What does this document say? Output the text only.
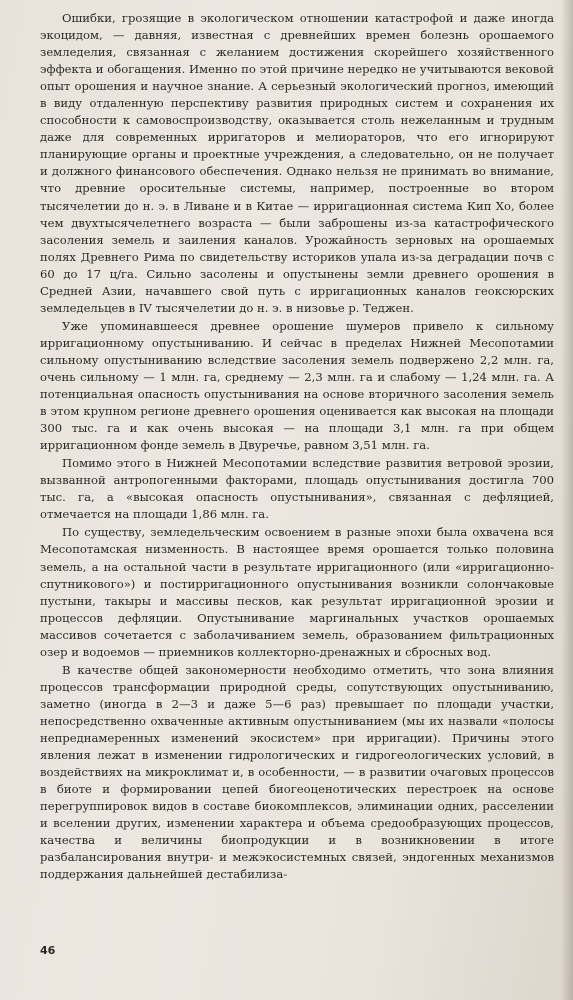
Ошибки, грозящие в экологическом отношении катастрофой и даже иногда экоцидом, — давняя, известная с древнейших времен болезнь орошаемого земледелия, связанная с желанием достижения скорейшего хозяйственного эффекта и обогащения. Именно по этой причине нередко не учитываются вековой опыт орошения и научное знание. А серьезный экологический прогноз, имеющий в виду отдаленную перспективу развития природных систем и сохранения их способности к самовоспроизводству, оказывается столь нежеланным и трудным даже для современных ирригаторов и мелиораторов, что его игнорируют планирующие органы и проектные учреждения, а следовательно, он не получает и должного финансового обеспечения. Однако нельзя не принимать во внимание, что древние оросительные системы, например, построенные во втором тысячелетии до н. э. в Ливане и в Китае — ирригационная система Кип Хо, более чем двухтысячелетнего возраста — были заброшены из-за катастрофического засоления земель и заиления каналов. Урожайность зерновых на орошаемых полях Древнего Рима по свидетельству историков упала из-за деградации почв с 60 до 17 ц/га. Сильно засолены и опустынены земли древнего орошения в Средней Азии, начавшего свой путь с ирригационных каналов геоксюрских земледельцев в IV тысячелетии до н. э. в низовье р. Теджен.

Уже упоминавшееся древнее орошение шумеров привело к сильному ирригационному опустыниванию. И сейчас в пределах Нижней Месопотамии сильному опустыниванию вследствие засоления земель подвержено 2,2 млн. га, очень сильному — 1 млн. га, среднему — 2,3 млн. га и слабому — 1,24 млн. га. А потенциальная опасность опустынивания на основе вторичного засоления земель в этом крупном регионе древнего орошения оценивается как высокая на площади 300 тыс. га и как очень высокая — на площади 3,1 млн. га при общем ирригационном фонде земель в Двуречье, равном 3,51 млн. га.

Помимо этого в Нижней Месопотамии вследствие развития ветровой эрозии, вызванной антропогенными факторами, площадь опустынивания достигла 700 тыс. га, а «высокая опасность опустынивания», связанная с дефляцией, отмечается на площади 1,86 млн. га.

По существу, земледельческим освоением в разные эпохи была охвачена вся Месопотамская низменность. В настоящее время орошается только половина земель, а на остальной части в результате ирригационного (или «ирригационно-спутникового») и постирригационного опустынивания возникли солончаковые пустыни, такыры и массивы песков, как результат ирригационной эрозии и процессов дефляции. Опустынивание маргинальных участков орошаемых массивов сочетается с заболачиванием земель, образованием фильтрационных озер и водоемов — приемников коллекторно-дренажных и сбросных вод.

В качестве общей закономерности необходимо отметить, что зона влияния процессов трансформации природной среды, сопутствующих опустыниванию, заметно (иногда в 2—3 и даже 5—6 раз) превышает по площади участки, непосредственно охваченные активным опустыниванием (мы их назвали «полосы непреднамеренных изменений экосистем» при ирригации). Причины этого явления лежат в изменении гидрологических и гидрогеологических условий, в воздействиях на микроклимат и, в особенности, — в развитии очаговых процессов в биоте и формировании цепей биогеоценотических перестроек на основе перегруппировок видов в составе биокомплексов, элиминации одних, расселении и вселении других, изменении характера и объема средообразующих процессов, качества и величины биопродукции и в возникновении в итоге разбалансирования внутри- и межэкосистемных связей, эндогенных механизмов поддержания дальнейшей дестабилиза-

46
